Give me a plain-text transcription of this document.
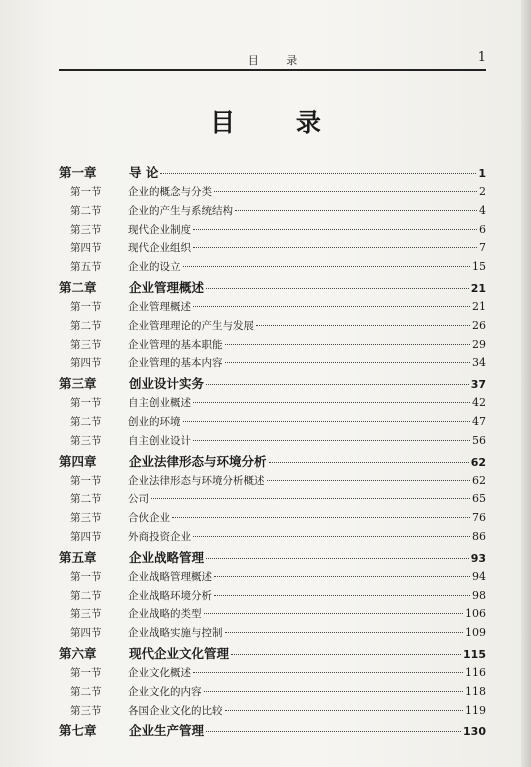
目 录	1
目 录
第一章	导 论	1
第一节	企业的概念与分类	2
第二节	企业的产生与系统结构	4
第三节	现代企业制度	6
第四节	现代企业组织	7
第五节	企业的设立	15
第二章	企业管理概述	21
第一节	企业管理概述	21
第二节	企业管理理论的产生与发展	26
第三节	企业管理的基本职能	29
第四节	企业管理的基本内容	34
第三章	创业设计实务	37
第一节	自主创业概述	42
第二节	创业的环境	47
第三节	自主创业设计	56
第四章	企业法律形态与环境分析	62
第一节	企业法律形态与环境分析概述	62
第二节	公司	65
第三节	合伙企业	76
第四节	外商投资企业	86
第五章	企业战略管理	93
第一节	企业战略管理概述	94
第二节	企业战略环境分析	98
第三节	企业战略的类型	106
第四节	企业战略实施与控制	109
第六章	现代企业文化管理	115
第一节	企业文化概述	116
第二节	企业文化的内容	118
第三节	各国企业文化的比较	119
第七章	企业生产管理	130
